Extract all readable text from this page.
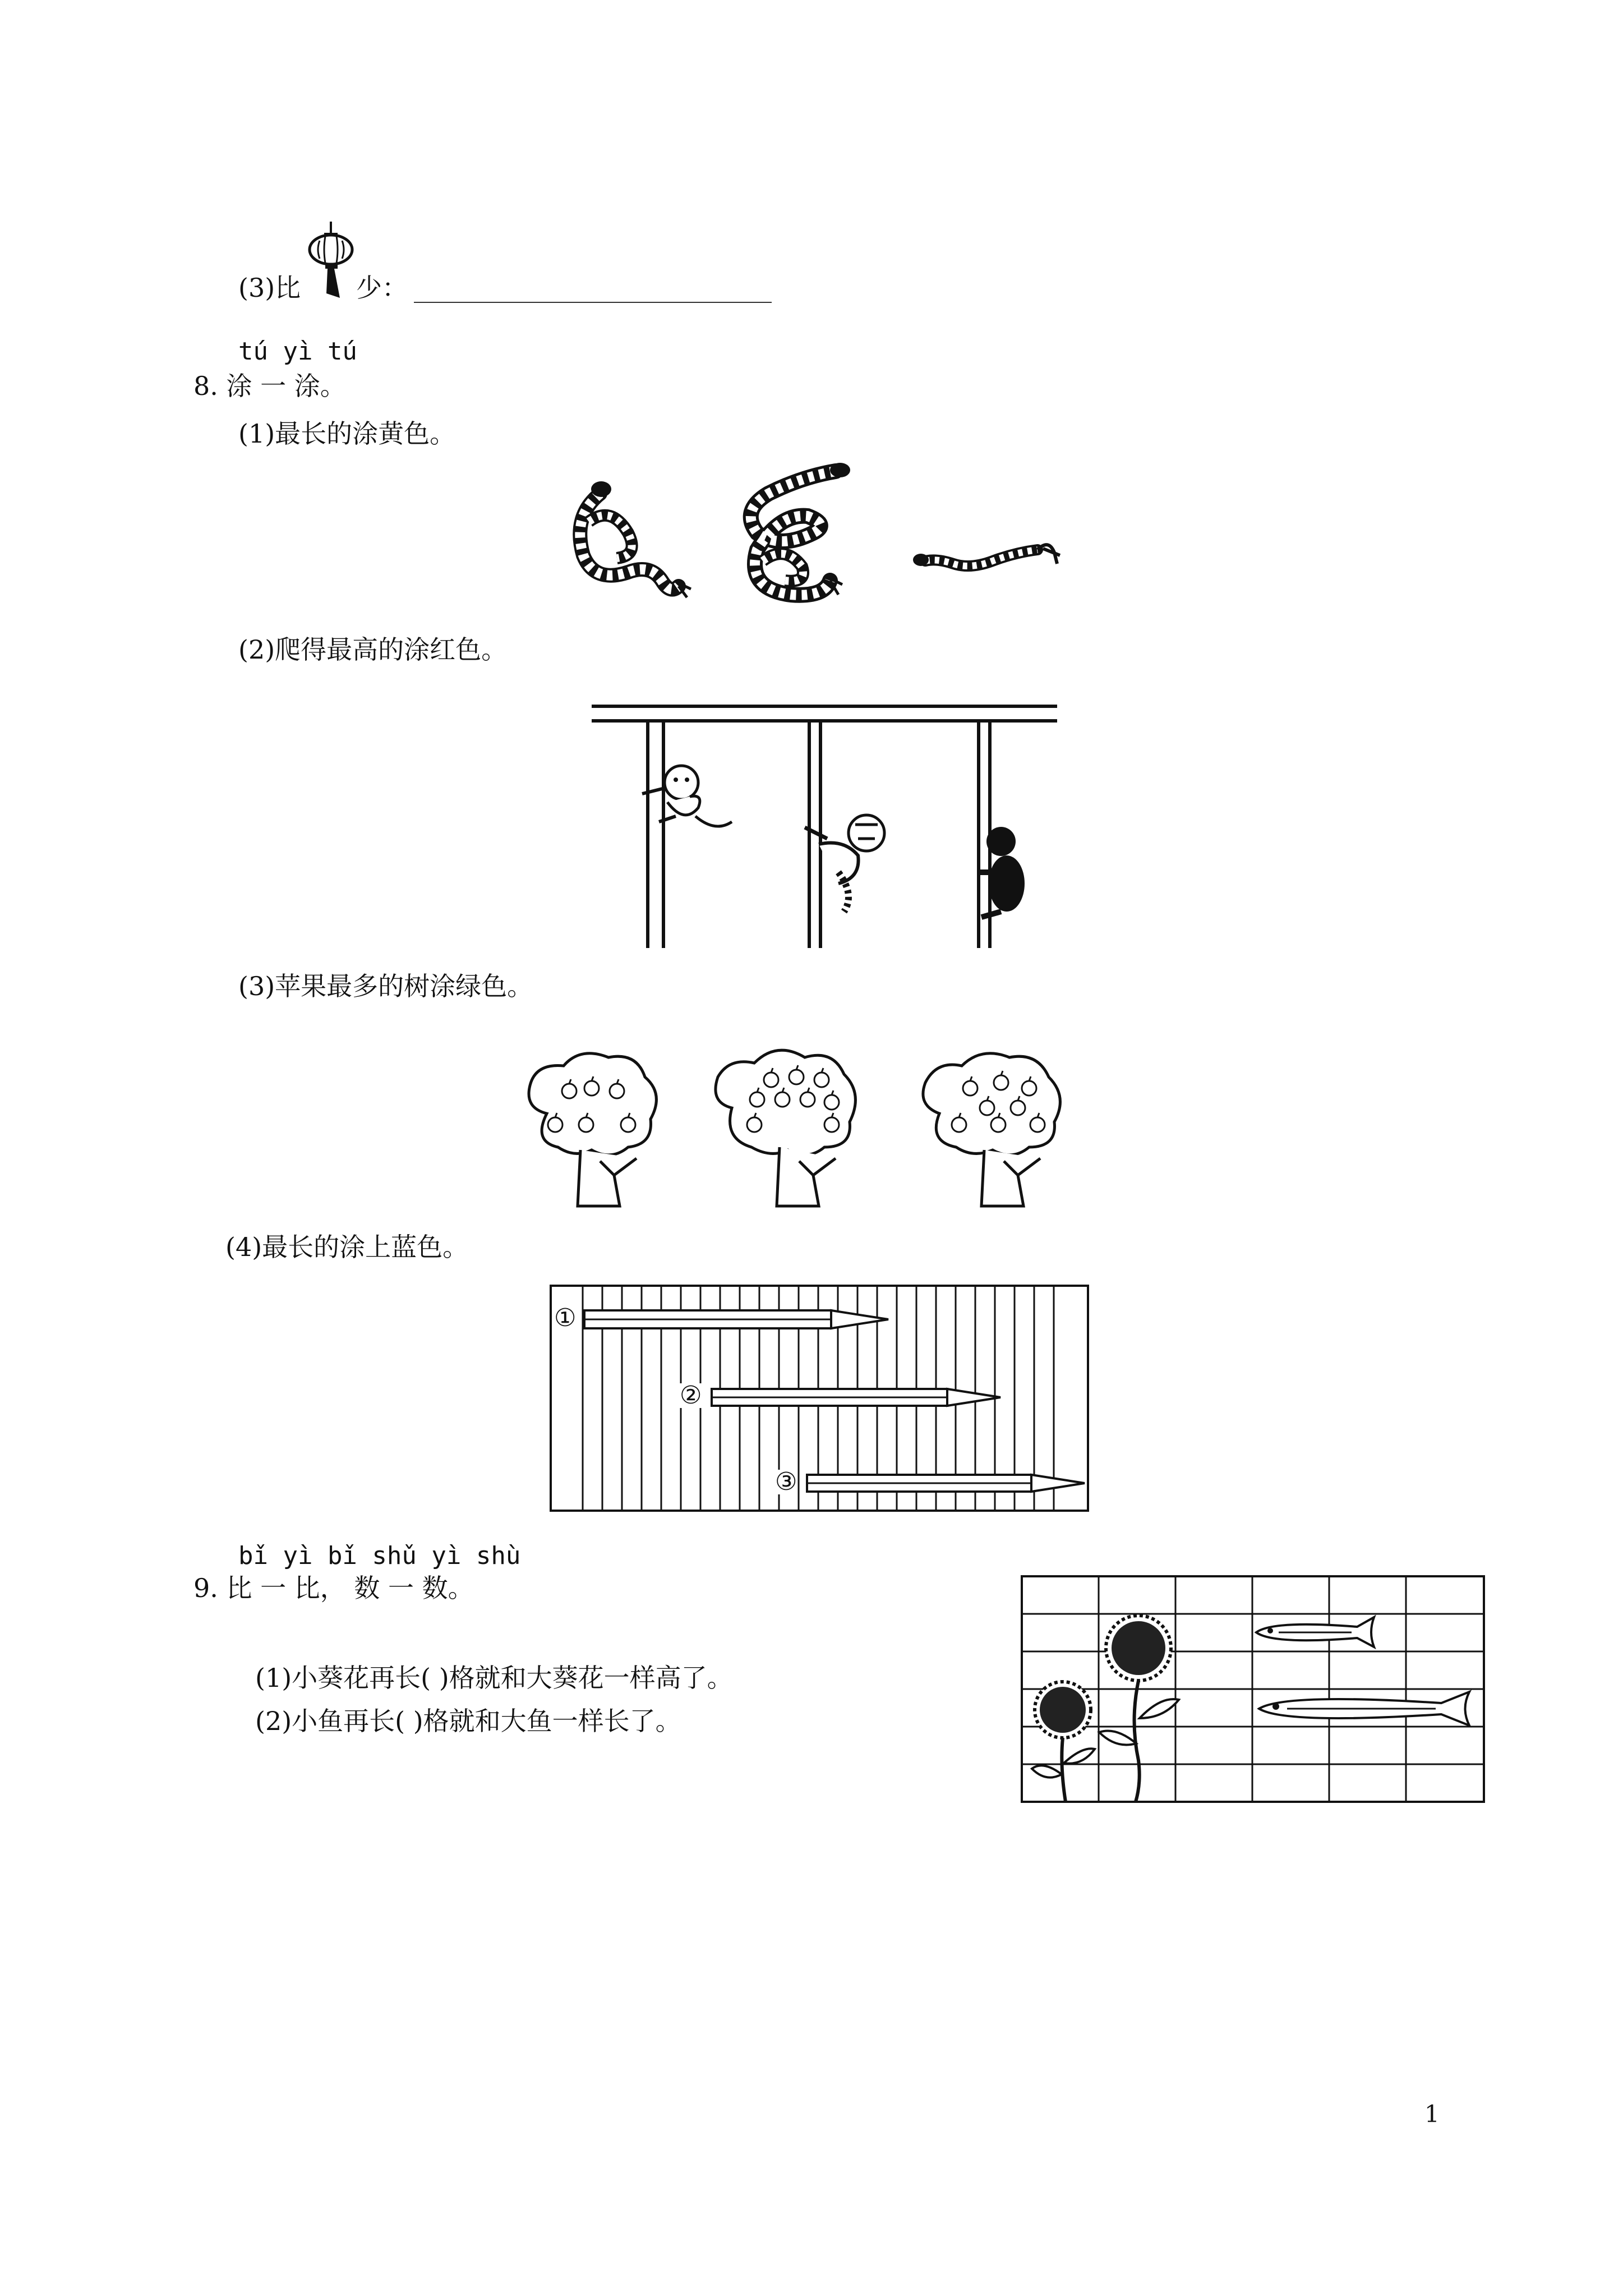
(3)比 少：
tú yì tú
8. 涂 一 涂。
(1)最长的涂黄色。
(2)爬得最高的涂红色。
(3)苹果最多的树涂绿色。
(4)最长的涂上蓝色。
①
②
③
bǐ yì bǐ shǔ yì shù
9. 比 一 比， 数 一 数。
(1)小葵花再长( )格就和大葵花一样高了。
(2)小鱼再长( )格就和大鱼一样长了。
1
